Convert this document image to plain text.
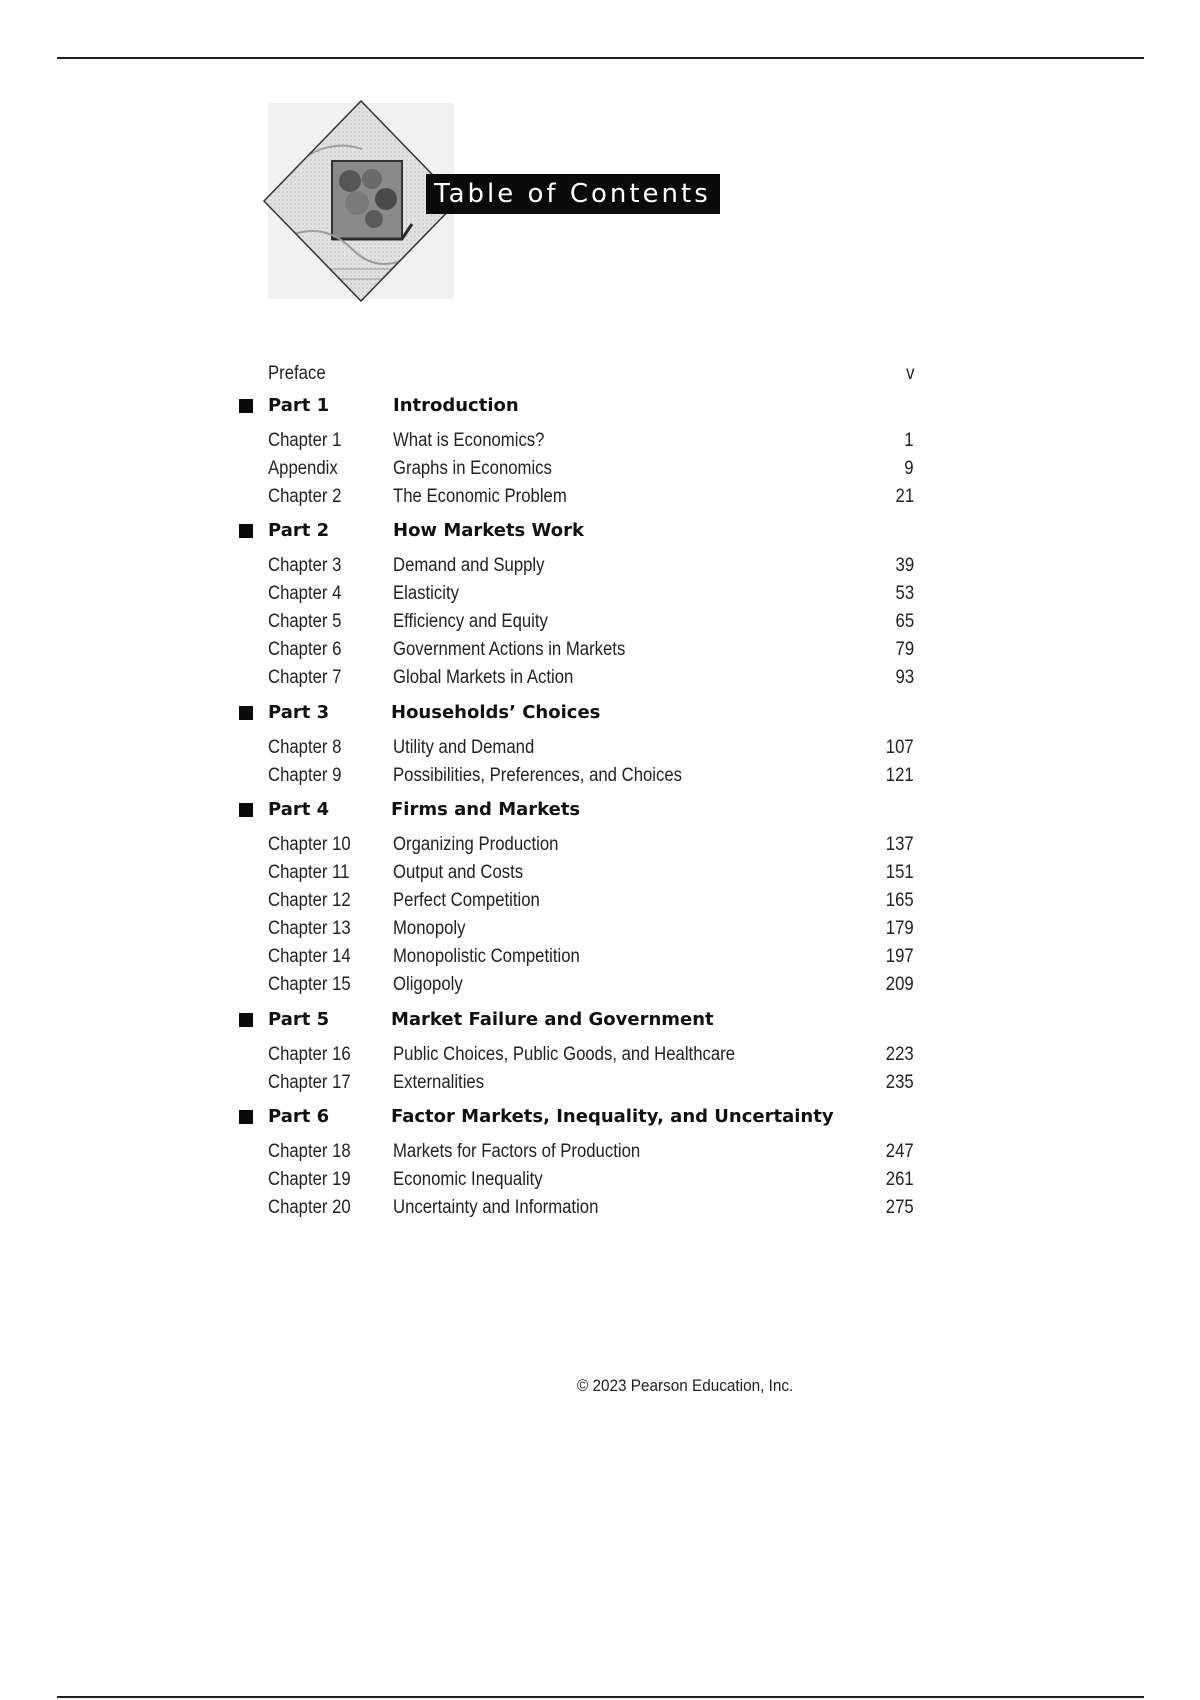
Table of Contents
Preface	v
Part 1	Introduction
Chapter 1	What is Economics?	1
Appendix	Graphs in Economics	9
Chapter 2	The Economic Problem	21
Part 2	How Markets Work
Chapter 3	Demand and Supply	39
Chapter 4	Elasticity	53
Chapter 5	Efficiency and Equity	65
Chapter 6	Government Actions in Markets	79
Chapter 7	Global Markets in Action	93
Part 3	Households’ Choices
Chapter 8	Utility and Demand	107
Chapter 9	Possibilities, Preferences, and Choices	121
Part 4	Firms and Markets
Chapter 10 Organizing Production	137
Chapter 11 Output and Costs	151
Chapter 12 Perfect Competition	165
Chapter 13 Monopoly	179
Chapter 14 Monopolistic Competition	197
Chapter 15 Oligopoly	209
Part 5	Market Failure and Government
Chapter 16 Public Choices, Public Goods, and Healthcare	223
Chapter 17 Externalities	235
Part 6	Factor Markets, Inequality, and Uncertainty
Chapter 18 Markets for Factors of Production	247
Chapter 19 Economic Inequality	261
Chapter 20 Uncertainty and Information	275
© 2023 Pearson Education, Inc.
